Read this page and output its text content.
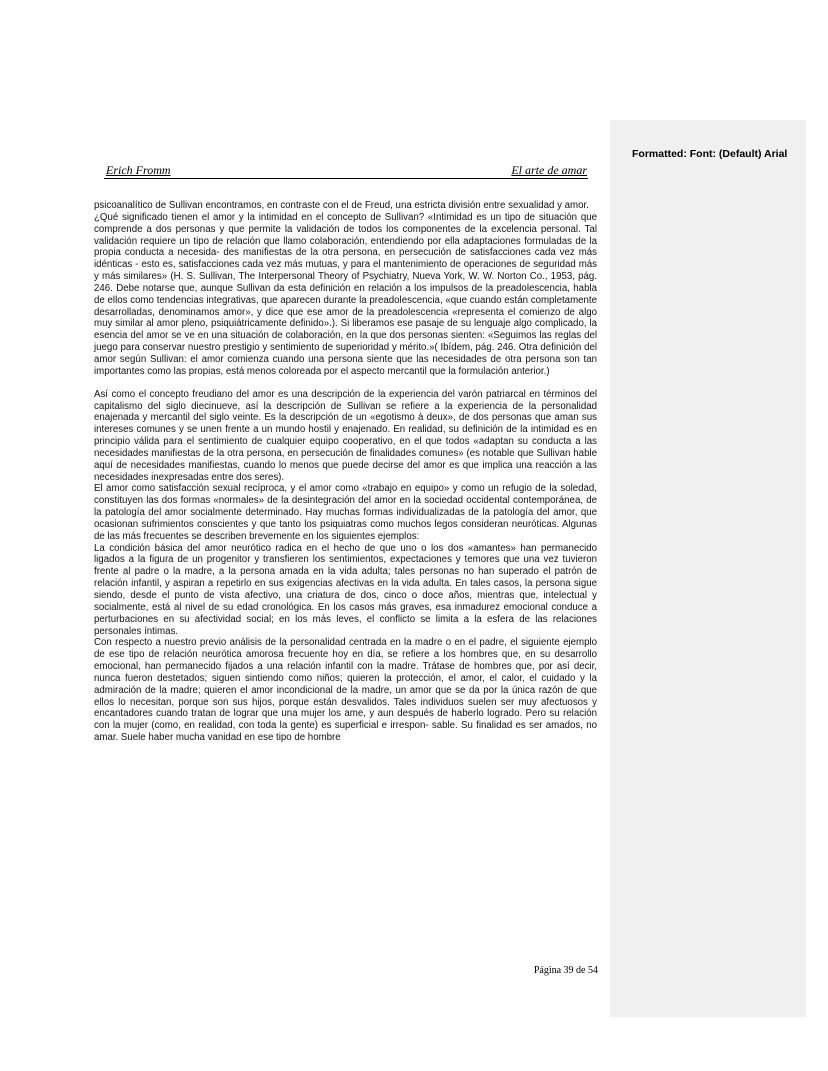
Formatted: Font: (Default) Arial
Erich Fromm	El arte de amar

psicoanalítico de Sullivan encontramos, en contraste con el de Freud, una estricta división entre sexualidad y amor.

¿Qué significado tienen el amor y la intimidad en el concepto de Sullivan? «Intimidad es un tipo de situación que comprende a dos personas y que permite la validación de todos los componentes de la excelencia personal. Tal validación requiere un tipo de relación que llamo colaboración, entendiendo por ella adaptaciones formuladas de la propia conducta a necesida- des manifiestas de la otra persona, en persecución de satisfacciones cada vez más idénticas - esto es, satisfacciones cada vez más mutuas, y para el mantenimiento de operaciones de seguridad más y más similares» (H. S. Sullivan, The Interpersonal Theory of Psychiatry, Nueva York, W. W. Norton Co., 1953, pág. 246. Debe notarse que, aunque Sullivan da esta definición en relación a los impulsos de la preadolescencia, habla de ellos como tendencias integrativas, que aparecen durante la preadolescencia, «que cuando están completamente desarrolladas, denominamos amor», y dice que ese amor de la preadolescencia «representa el comienzo de algo muy similar al amor pleno, psiquiátricamente definido».). Si liberamos ese pasaje de su lenguaje algo complicado, la esencia del amor se ve en una situación de colaboración, en la que dos personas sienten: «Seguimos las reglas del juego para conservar nuestro prestigio y sentimiento de superioridad y mérito.»( Ibídem, pág. 246. Otra definición del amor según Sullivan: el amor comienza cuando una persona siente que las necesidades de otra persona son tan importantes como las propias, está menos coloreada por el aspecto mercantil que la formulación anterior.)

Así como el concepto freudiano del amor es una descripción de la experiencia del varón patriarcal en términos del capitalismo del siglo diecinueve, así la descripción de Sullivan se refiere a la experiencia de la personalidad enajenada y mercantil del siglo veinte. Es la descripción de un «egotismo à deux», de dos personas que aman sus intereses comunes y se unen frente a un mundo hostil y enajenado. En realidad, su definición de la intimidad es en principio válida para el sentimiento de cualquier equipo cooperativo, en el que todos «adaptan su conducta a las necesidades manifiestas de la otra persona, en persecución de finalidades comunes» (es notable que Sullivan hable aquí de necesidades manifiestas, cuando lo menos que puede decirse del amor es que implica una reacción a las necesidades inexpresadas entre dos seres).

El amor como satisfacción sexual recíproca, y el amor como «trabajo en equipo» y como un refugio de la soledad, constituyen las dos formas «normales» de la desintegración del amor en la sociedad occidental contemporánea, de la patología del amor socialmente determinado. Hay muchas formas individualizadas de la patología del amor, que ocasionan sufrimientos conscientes y que tanto los psiquiatras como muchos legos consideran neuróticas. Algunas de las más frecuentes se describen brevemente en los siguientes ejemplos:

La condición básica del amor neurótico radica en el hecho de que uno o los dos «amantes» han permanecido ligados a la figura de un progenitor y transfieren los sentimientos, expectaciones y temores que una vez tuvieron frente al padre o la madre, a la persona amada en la vida adulta; tales personas no han superado el patrón de relación infantil, y aspiran a repetirlo en sus exigencias afectivas en la vida adulta. En tales casos, la persona sigue siendo, desde el punto de vista afectivo, una criatura de dos, cinco o doce años, mientras que, intelectual y socialmente, está al nivel de su edad cronológica. En los casos más graves, esa inmadurez emocional conduce a perturbaciones en su afectividad social; en los más leves, el conflicto se limita a la esfera de las relaciones personales íntimas.

Con respecto a nuestro previo análisis de la personalidad centrada en la madre o en el padre, el siguiente ejemplo de ese tipo de relación neurótica amorosa frecuente hoy en día, se refiere a los hombres que, en su desarrollo emocional, han permanecido fijados a una relación infantil con la madre. Trátase de hombres que, por así decir, nunca fueron destetados; siguen sintiendo como niños; quieren la protección, el amor, el calor, el cuidado y la admiración de la madre; quieren el amor incondicional de la madre, un amor que se da por la única razón de que ellos lo necesitan, porque son sus hijos, porque están desvalidos. Tales individuos suelen ser muy afectuosos y encantadores cuando tratan de lograr que una mujer los ame, y aun después de haberlo logrado. Pero su relación con la mujer (como, en realidad, con toda la gente) es superficial e irrespon- sable. Su finalidad es ser amados, no amar. Suele haber mucha vanidad en ese tipo de hombre

Página 39 de 54
